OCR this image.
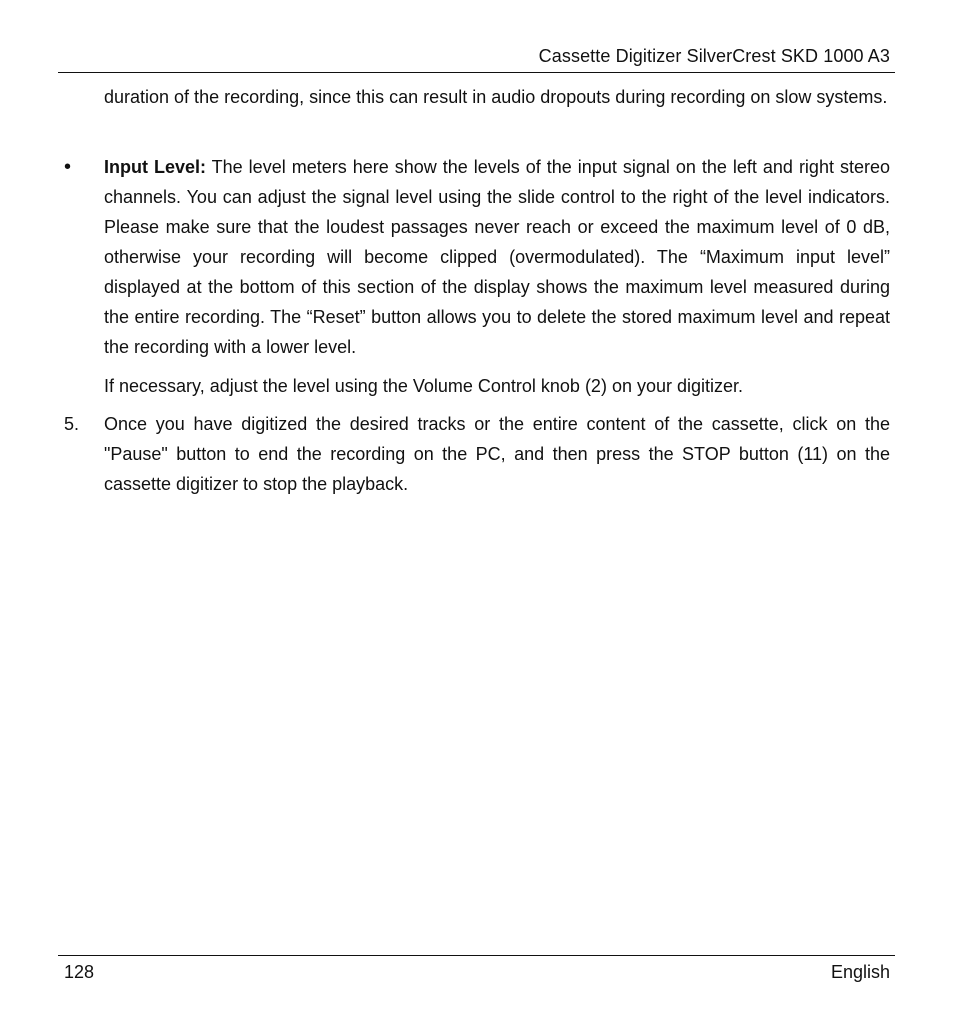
Cassette Digitizer SilverCrest SKD 1000 A3

duration of the recording, since this can result in audio dropouts during recording on slow systems.

• Input Level: The level meters here show the levels of the input signal on the left and right stereo channels. You can adjust the signal level using the slide control to the right of the level indicators. Please make sure that the loudest passages never reach or exceed the maximum level of 0 dB, otherwise your recording will become clipped (overmodulated). The “Maximum input level” displayed at the bottom of this section of the display shows the maximum level measured during the entire recording. The “Reset” button allows you to delete the stored maximum level and repeat the recording with a lower level.

If necessary, adjust the level using the Volume Control knob (2) on your digitizer.

5. Once you have digitized the desired tracks or the entire content of the cassette, click on the "Pause" button to end the recording on the PC, and then press the STOP button (11) on the cassette digitizer to stop the playback.

128	English
